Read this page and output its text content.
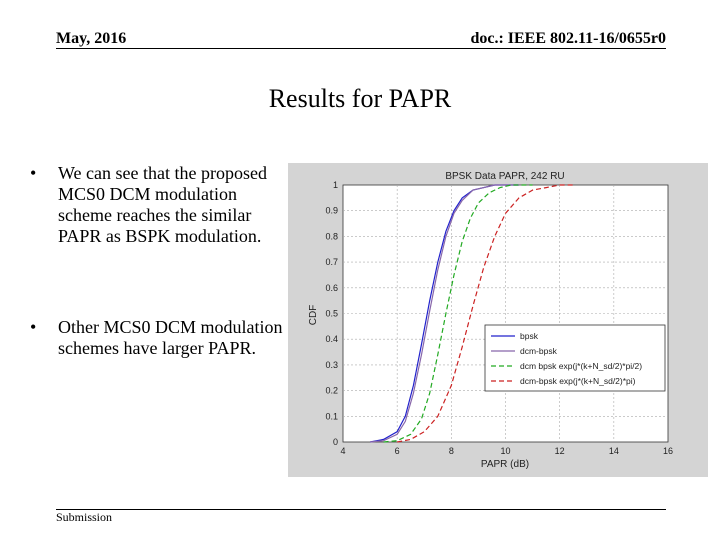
May, 2016	doc.: IEEE 802.11-16/0655r0
Results for PAPR
•	We can see that the proposed MCS0 DCM modulation scheme reaches the similar PAPR as BSPK modulation.
•	Other MCS0 DCM modulation schemes have larger PAPR.
4	6	8	10	12	14	16
0
0.1
0.2
0.3
0.4
0.5
0.6
0.7
0.8
0.9
1
BPSK Data PAPR, 242 RU
PAPR (dB)
CDF
bpsk
dcm-bpsk
dcm bpsk exp(j*(k+N_sd/2)*pi/2)
dcm-bpsk exp(j*(k+N_sd/2)*pi)
Submission
